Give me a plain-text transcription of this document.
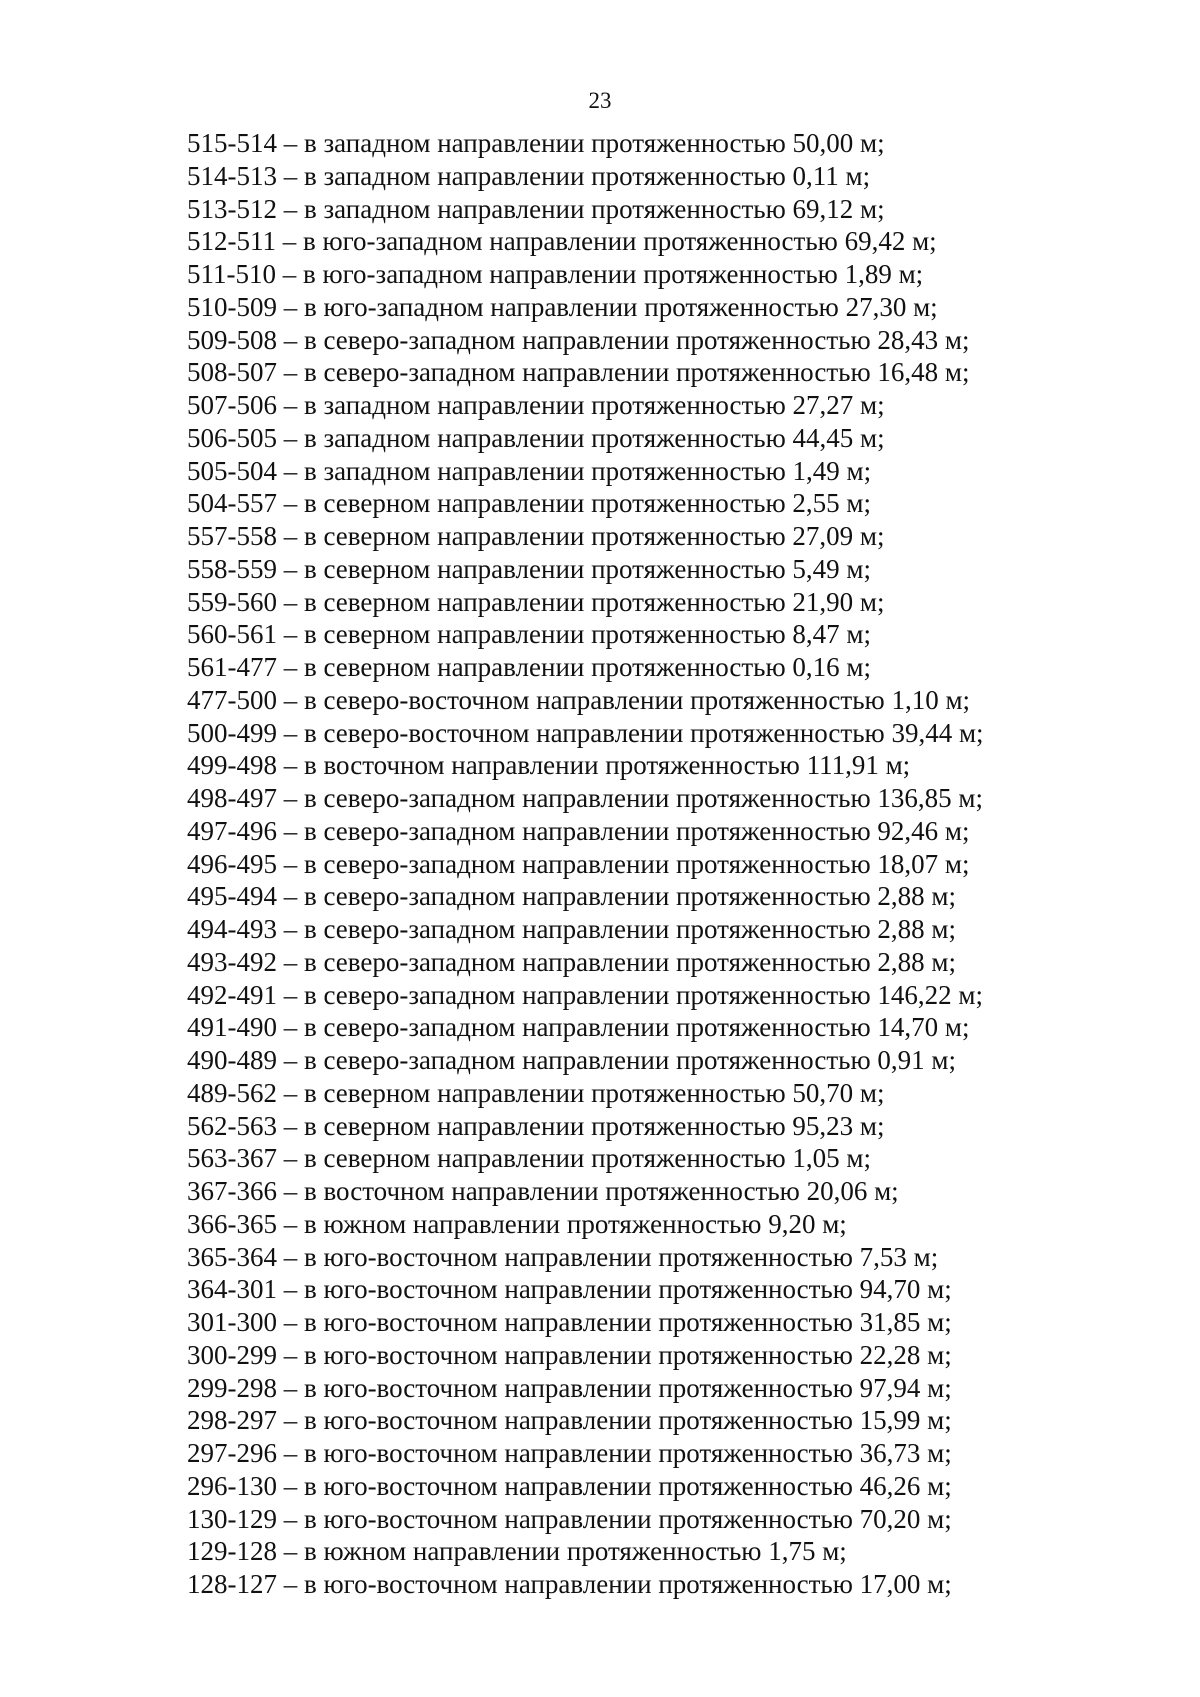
23
515-514 – в западном направлении протяженностью 50,00 м;
514-513 – в западном направлении протяженностью 0,11 м;
513-512 – в западном направлении протяженностью 69,12 м;
512-511 – в юго-западном направлении протяженностью 69,42 м;
511-510 – в юго-западном направлении протяженностью 1,89 м;
510-509 – в юго-западном направлении протяженностью 27,30 м;
509-508 – в северо-западном направлении протяженностью 28,43 м;
508-507 – в северо-западном направлении протяженностью 16,48 м;
507-506 – в западном направлении протяженностью 27,27 м;
506-505 – в западном направлении протяженностью 44,45 м;
505-504 – в западном направлении протяженностью 1,49 м;
504-557 – в северном направлении протяженностью 2,55 м;
557-558 – в северном направлении протяженностью 27,09 м;
558-559 – в северном направлении протяженностью 5,49 м;
559-560 – в северном направлении протяженностью 21,90 м;
560-561 – в северном направлении протяженностью 8,47 м;
561-477 – в северном направлении протяженностью 0,16 м;
477-500 – в северо-восточном направлении протяженностью 1,10 м;
500-499 – в северо-восточном направлении протяженностью 39,44 м;
499-498 – в восточном направлении протяженностью 111,91 м;
498-497 – в северо-западном направлении протяженностью 136,85 м;
497-496 – в северо-западном направлении протяженностью 92,46 м;
496-495 – в северо-западном направлении протяженностью 18,07 м;
495-494 – в северо-западном направлении протяженностью 2,88 м;
494-493 – в северо-западном направлении протяженностью 2,88 м;
493-492 – в северо-западном направлении протяженностью 2,88 м;
492-491 – в северо-западном направлении протяженностью 146,22 м;
491-490 – в северо-западном направлении протяженностью 14,70 м;
490-489 – в северо-западном направлении протяженностью 0,91 м;
489-562 – в северном направлении протяженностью 50,70 м;
562-563 – в северном направлении протяженностью 95,23 м;
563-367 – в северном направлении протяженностью 1,05 м;
367-366 – в восточном направлении протяженностью 20,06 м;
366-365 – в южном направлении протяженностью 9,20 м;
365-364 – в юго-восточном направлении протяженностью 7,53 м;
364-301 – в юго-восточном направлении протяженностью 94,70 м;
301-300 – в юго-восточном направлении протяженностью 31,85 м;
300-299 – в юго-восточном направлении протяженностью 22,28 м;
299-298 – в юго-восточном направлении протяженностью 97,94 м;
298-297 – в юго-восточном направлении протяженностью 15,99 м;
297-296 – в юго-восточном направлении протяженностью 36,73 м;
296-130 – в юго-восточном направлении протяженностью 46,26 м;
130-129 – в юго-восточном направлении протяженностью 70,20 м;
129-128 – в южном направлении протяженностью 1,75 м;
128-127 – в юго-восточном направлении протяженностью 17,00 м;
